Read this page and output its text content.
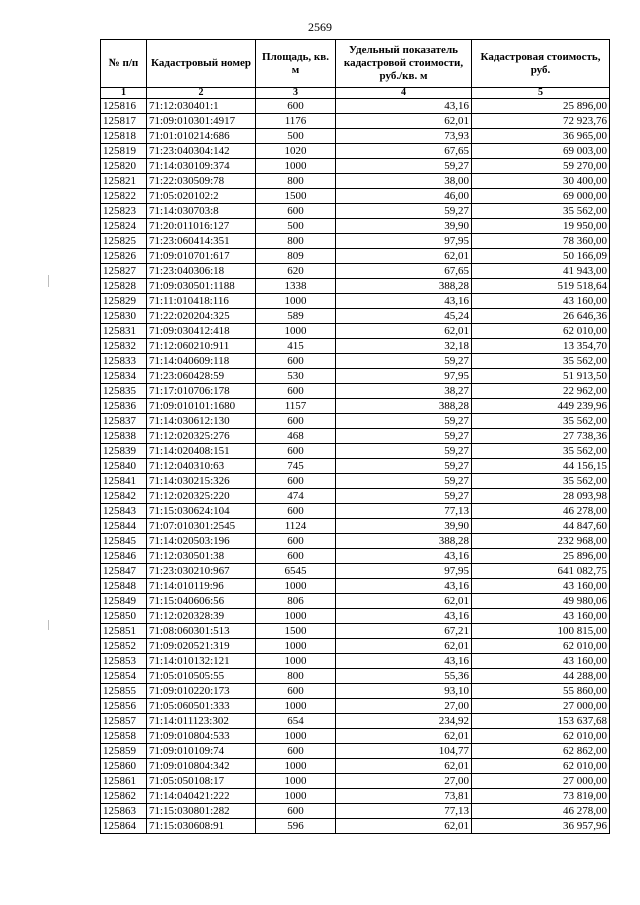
2569
№ п/п	Кадастровый номер	Площадь, кв. м	Удельный показатель кадастровой стоимости, руб./кв. м	Кадастровая стоимость, руб.
1	2	3	4	5
125816	71:12:030401:1	600	43,16	25 896,00
125817	71:09:010301:4917	1176	62,01	72 923,76
125818	71:01:010214:686	500	73,93	36 965,00
125819	71:23:040304:142	1020	67,65	69 003,00
125820	71:14:030109:374	1000	59,27	59 270,00
125821	71:22:030509:78	800	38,00	30 400,00
125822	71:05:020102:2	1500	46,00	69 000,00
125823	71:14:030703:8	600	59,27	35 562,00
125824	71:20:011016:127	500	39,90	19 950,00
125825	71:23:060414:351	800	97,95	78 360,00
125826	71:09:010701:617	809	62,01	50 166,09
125827	71:23:040306:18	620	67,65	41 943,00
125828	71:09:030501:1188	1338	388,28	519 518,64
125829	71:11:010418:116	1000	43,16	43 160,00
125830	71:22:020204:325	589	45,24	26 646,36
125831	71:09:030412:418	1000	62,01	62 010,00
125832	71:12:060210:911	415	32,18	13 354,70
125833	71:14:040609:118	600	59,27	35 562,00
125834	71:23:060428:59	530	97,95	51 913,50
125835	71:17:010706:178	600	38,27	22 962,00
125836	71:09:010101:1680	1157	388,28	449 239,96
125837	71:14:030612:130	600	59,27	35 562,00
125838	71:12:020325:276	468	59,27	27 738,36
125839	71:14:020408:151	600	59,27	35 562,00
125840	71:12:040310:63	745	59,27	44 156,15
125841	71:14:030215:326	600	59,27	35 562,00
125842	71:12:020325:220	474	59,27	28 093,98
125843	71:15:030624:104	600	77,13	46 278,00
125844	71:07:010301:2545	1124	39,90	44 847,60
125845	71:14:020503:196	600	388,28	232 968,00
125846	71:12:030501:38	600	43,16	25 896,00
125847	71:23:030210:967	6545	97,95	641 082,75
125848	71:14:010119:96	1000	43,16	43 160,00
125849	71:15:040606:56	806	62,01	49 980,06
125850	71:12:020328:39	1000	43,16	43 160,00
125851	71:08:060301:513	1500	67,21	100 815,00
125852	71:09:020521:319	1000	62,01	62 010,00
125853	71:14:010132:121	1000	43,16	43 160,00
125854	71:05:010505:55	800	55,36	44 288,00
125855	71:09:010220:173	600	93,10	55 860,00
125856	71:05:060501:333	1000	27,00	27 000,00
125857	71:14:011123:302	654	234,92	153 637,68
125858	71:09:010804:533	1000	62,01	62 010,00
125859	71:09:010109:74	600	104,77	62 862,00
125860	71:09:010804:342	1000	62,01	62 010,00
125861	71:05:050108:17	1000	27,00	27 000,00
125862	71:14:040421:222	1000	73,81	73 810,00
125863	71:15:030801:282	600	77,13	46 278,00
125864	71:15:030608:91	596	62,01	36 957,96
